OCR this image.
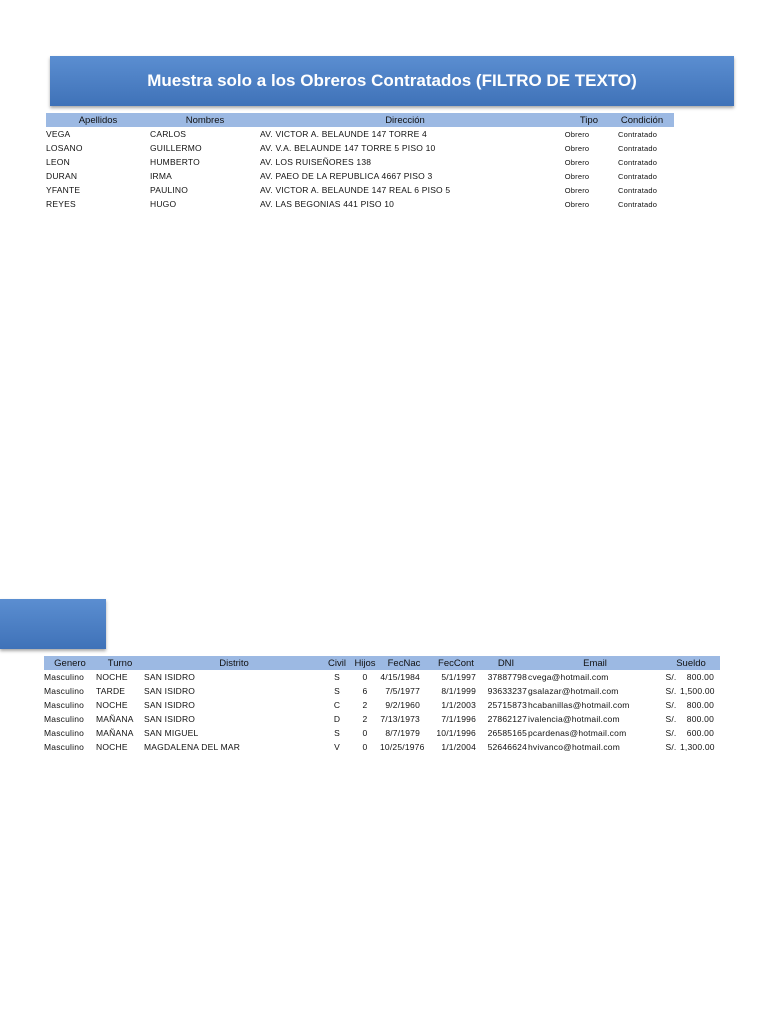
Muestra solo a los Obreros Contratados (FILTRO DE TEXTO)
Apellidos	Nombres	Dirección	Tipo	Condición
VEGA	CARLOS	AV. VICTOR A. BELAUNDE 147 TORRE 4	Obrero	Contratado
LOSANO	GUILLERMO	AV. V.A. BELAUNDE 147 TORRE 5 PISO 10	Obrero	Contratado
LEON	HUMBERTO	AV. LOS RUISEÑORES 138	Obrero	Contratado
DURAN	IRMA	AV. PAEO DE LA REPUBLICA 4667 PISO 3	Obrero	Contratado
YFANTE	PAULINO	AV. VICTOR A. BELAUNDE 147 REAL 6 PISO 5	Obrero	Contratado
REYES	HUGO	AV. LAS BEGONIAS 441 PISO 10	Obrero	Contratado
Genero	Turno	Distrito	Civil	Hijos	FecNac	FecCont	DNI	Email	Sueldo	
Masculino	NOCHE	SAN ISIDRO	S	0	4/15/1984	5/1/1997	37887798	cvega@hotmail.com	S/.	800.00
Masculino	TARDE	SAN ISIDRO	S	6	7/5/1977	8/1/1999	93633237	gsalazar@hotmail.com	S/.	1,500.00
Masculino	NOCHE	SAN ISIDRO	C	2	9/2/1960	1/1/2003	25715873	hcabanillas@hotmail.com	S/.	800.00
Masculino	MAÑANA	SAN ISIDRO	D	2	7/13/1973	7/1/1996	27862127	ivalencia@hotmail.com	S/.	800.00
Masculino	MAÑANA	SAN MIGUEL	S	0	8/7/1979	10/1/1996	26585165	pcardenas@hotmail.com	S/.	600.00
Masculino	NOCHE	MAGDALENA DEL MAR	V	0	10/25/1976	1/1/2004	52646624	hvivanco@hotmail.com	S/.	1,300.00
